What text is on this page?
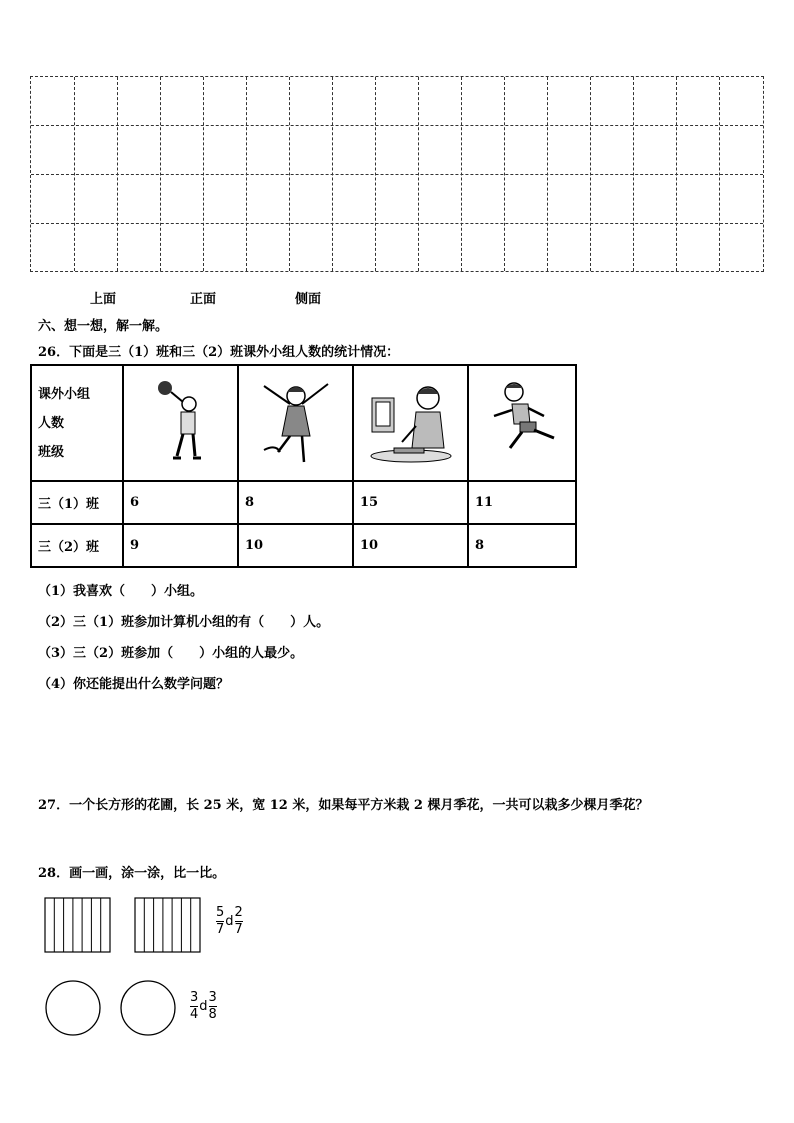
上面	正面	侧面
六、想一想，解一解。
26．下面是三（1）班和三（2）班课外小组人数的统计情况：
课外小组
人数
班级

三（1）班	6	8	15	11
三（2）班	9	10	10	8
（1）我喜欢（　　）小组。
（2）三（1）班参加计算机小组的有（　　）人。
（3）三（2）班参加（　　）小组的人最少。
（4）你还能提出什么数学问题？
27．一个长方形的花圃，长 25 米，宽 12 米，如果每平方米栽 2 棵月季花，一共可以栽多少棵月季花？
28．画一画，涂一涂，比一比。
$\frac{5}{7}$ d $\frac{2}{7}$
$\frac{3}{4}$ d $\frac{3}{8}$
